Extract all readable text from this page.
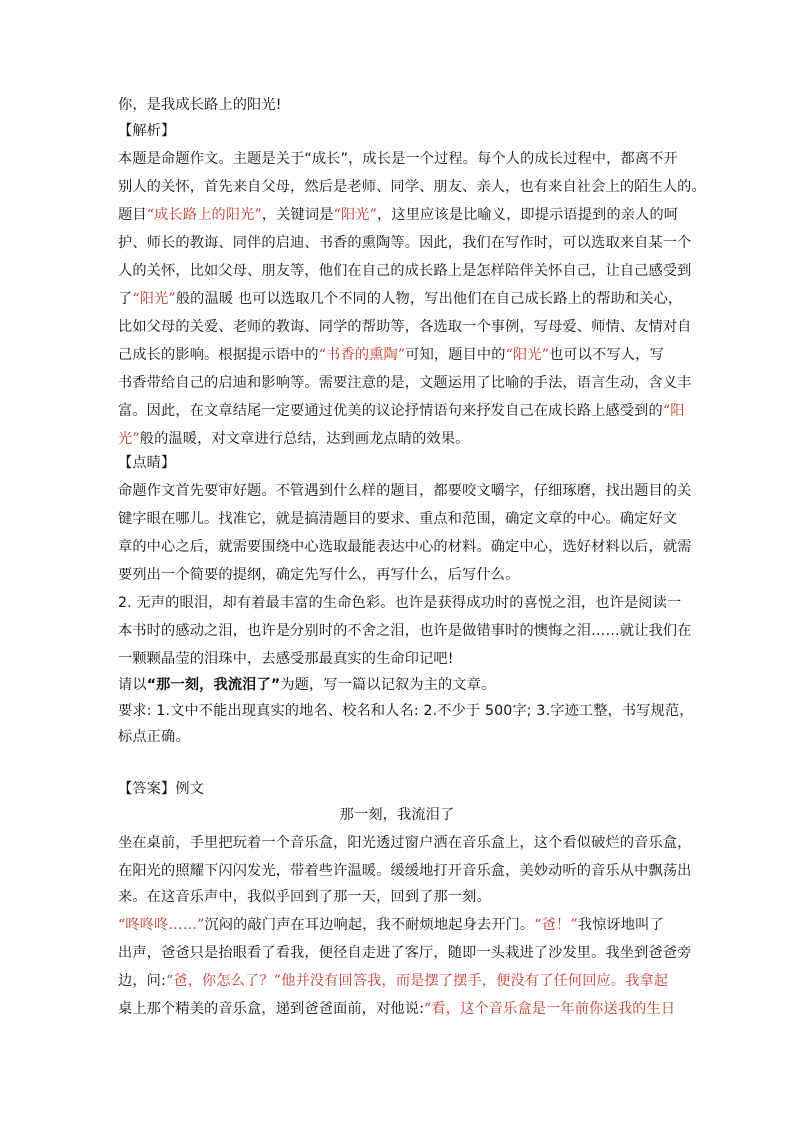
你，是我成长路上的阳光!
【解析】
本题是命题作文。主题是关于“成长”，成长是一个过程。每个人的成长过程中，都离不开
别人的关怀，首先来自父母，然后是老师、同学、朋友、亲人，也有来自社会上的陌生人的。
题目“成长路上的阳光”，关键词是“阳光”，这里应该是比喻义，即提示语提到的亲人的呵
护、师长的教诲、同伴的启迪、书香的熏陶等。因此，我们在写作时，可以选取来自某一个
人的关怀，比如父母、朋友等，他们在自己的成长路上是怎样陪伴关怀自己，让自己感受到
了“阳光”般的温暖 也可以选取几个不同的人物，写出他们在自己成长路上的帮助和关心，
比如父母的关爱、老师的教诲、同学的帮助等，各选取一个事例，写母爱、师情、友情对自
己成长的影响。根据提示语中的“书香的熏陶”可知，题目中的“阳光”也可以不写人，写
书香带给自己的启迪和影响等。需要注意的是，文题运用了比喻的手法，语言生动，含义丰
富。因此，在文章结尾一定要通过优美的议论抒情语句来抒发自己在成长路上感受到的“阳
光”般的温暖，对文章进行总结，达到画龙点睛的效果。
【点睛】
命题作文首先要审好题。不管遇到什么样的题目，都要咬文嚼字，仔细琢磨，找出题目的关
键字眼在哪儿。找准它，就是搞清题目的要求、重点和范围，确定文章的中心。确定好文
章的中心之后，就需要围绕中心选取最能表达中心的材料。确定中心，选好材料以后，就需
要列出一个简要的提纲，确定先写什么，再写什么，后写什么。
2. 无声的眼泪，却有着最丰富的生命色彩。也许是获得成功时的喜悦之泪，也许是阅读一
本书时的感动之泪，也许是分别时的不舍之泪，也许是做错事时的懊悔之泪……就让我们在
一颗颗晶莹的泪珠中，去感受那最真实的生命印记吧!
请以“那一刻，我流泪了”为题，写一篇以记叙为主的文章。
要求: 1.文中不能出现真实的地名、校名和人名: 2.不少于 500字; 3.字迹工整，书写规范，
标点正确。
【答案】例文
那一刻，我流泪了
坐在桌前，手里把玩着一个音乐盒，阳光透过窗户洒在音乐盒上，这个看似破烂的音乐盒，
在阳光的照耀下闪闪发光，带着些许温暖。缓缓地打开音乐盒，美妙动听的音乐从中飘荡出
来。在这音乐声中，我似乎回到了那一天，回到了那一刻。
“咚咚咚……”沉闷的敲门声在耳边响起，我不耐烦地起身去开门。“爸！”我惊讶地叫了
出声，爸爸只是抬眼看了看我，便径自走进了客厅，随即一头栽进了沙发里。我坐到爸爸旁
边，问:“爸，你怎么了？”他并没有回答我，而是摆了摆手，便没有了任何回应。我拿起
桌上那个精美的音乐盒，递到爸爸面前，对他说:“看，这个音乐盒是一年前你送我的生日
